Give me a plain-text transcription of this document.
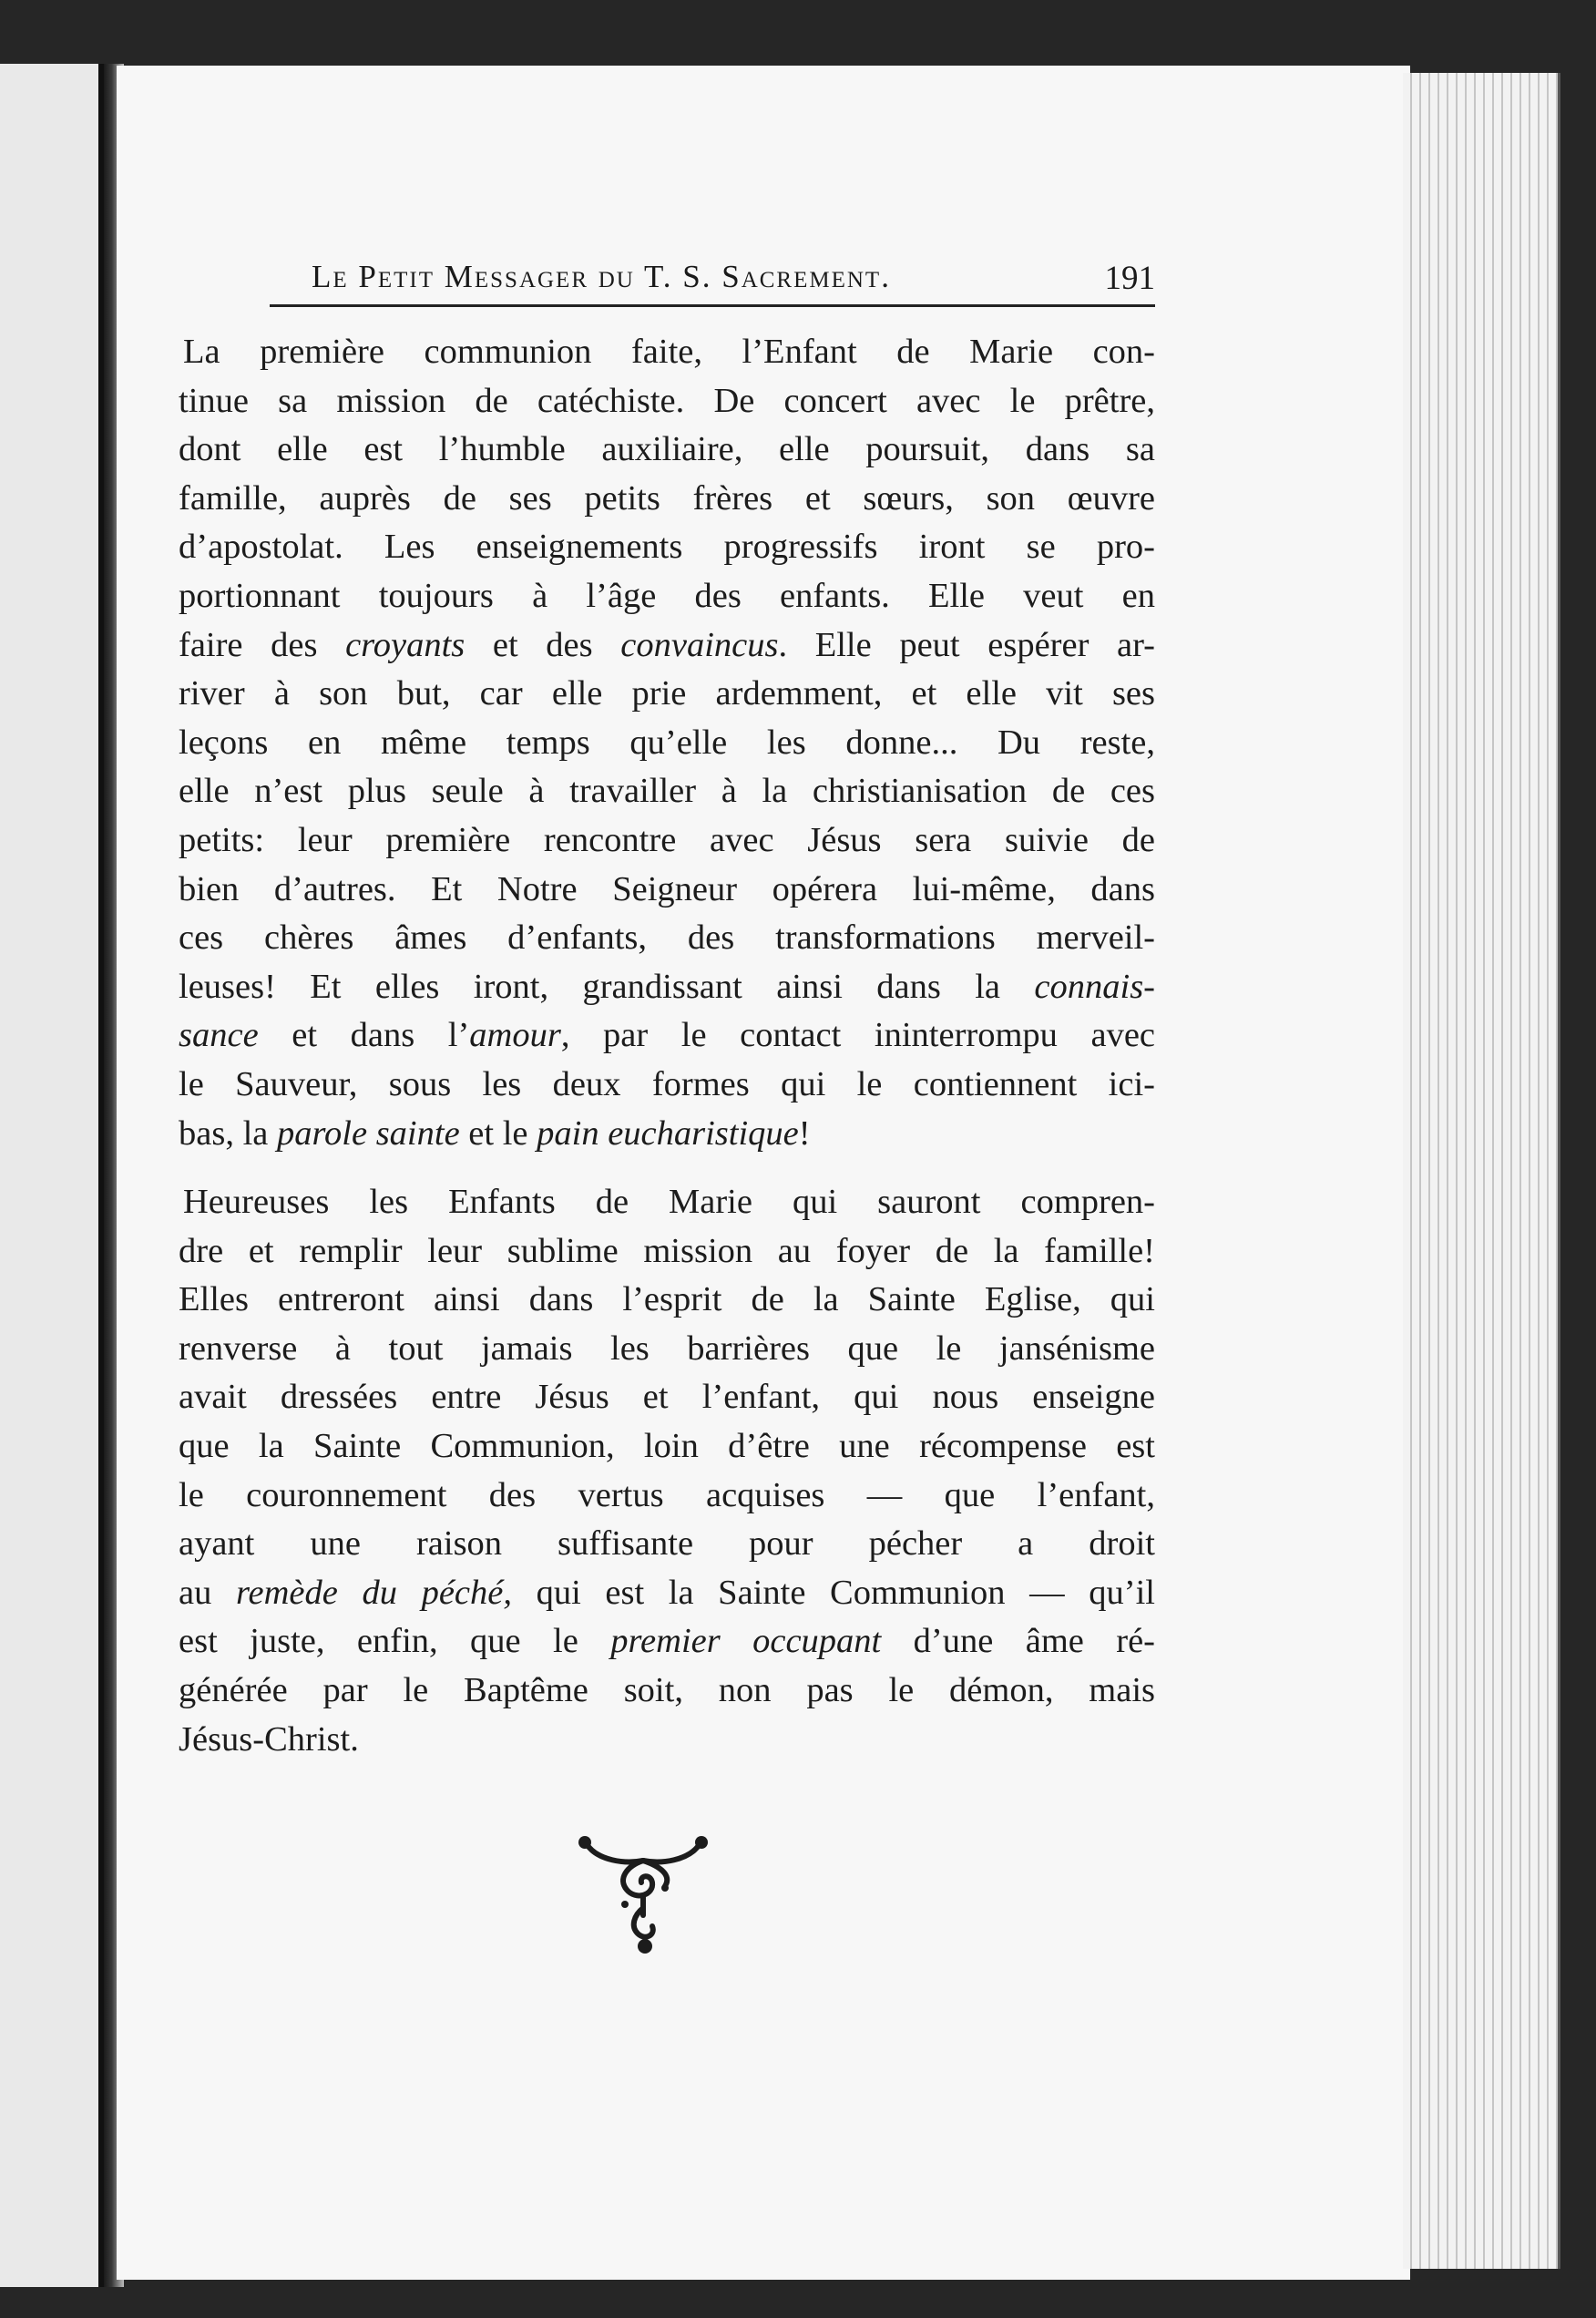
Le Petit Messager du T. S. Sacrement.	191
La première communion faite, l’Enfant de Marie con-
tinue sa mission de catéchiste. De concert avec le prêtre,
dont elle est l’humble auxiliaire, elle poursuit, dans sa
famille, auprès de ses petits frères et sœurs, son œuvre
d’apostolat. Les enseignements progressifs iront se pro-
portionnant toujours à l’âge des enfants. Elle veut en
faire des croyants et des convaincus. Elle peut espérer ar-
river à son but, car elle prie ardemment, et elle vit ses
leçons en même temps qu’elle les donne... Du reste,
elle n’est plus seule à travailler à la christianisation de ces
petits: leur première rencontre avec Jésus sera suivie de
bien d’autres. Et Notre Seigneur opérera lui-même, dans
ces chères âmes d’enfants, des transformations merveil-
leuses! Et elles iront, grandissant ainsi dans la connais-
sance et dans l’amour, par le contact ininterrompu avec
le Sauveur, sous les deux formes qui le contiennent ici-
bas, la parole sainte et le pain eucharistique!
Heureuses les Enfants de Marie qui sauront compren-
dre et remplir leur sublime mission au foyer de la famille!
Elles entreront ainsi dans l’esprit de la Sainte Eglise, qui
renverse à tout jamais les barrières que le jansénisme
avait dressées entre Jésus et l’enfant, qui nous enseigne
que la Sainte Communion, loin d’être une récompense est
le couronnement des vertus acquises — que l’enfant,
ayant une raison suffisante pour pécher a droit
au remède du péché, qui est la Sainte Communion — qu’il
est juste, enfin, que le premier occupant d’une âme ré-
générée par le Baptême soit, non pas le démon, mais
Jésus-Christ.
